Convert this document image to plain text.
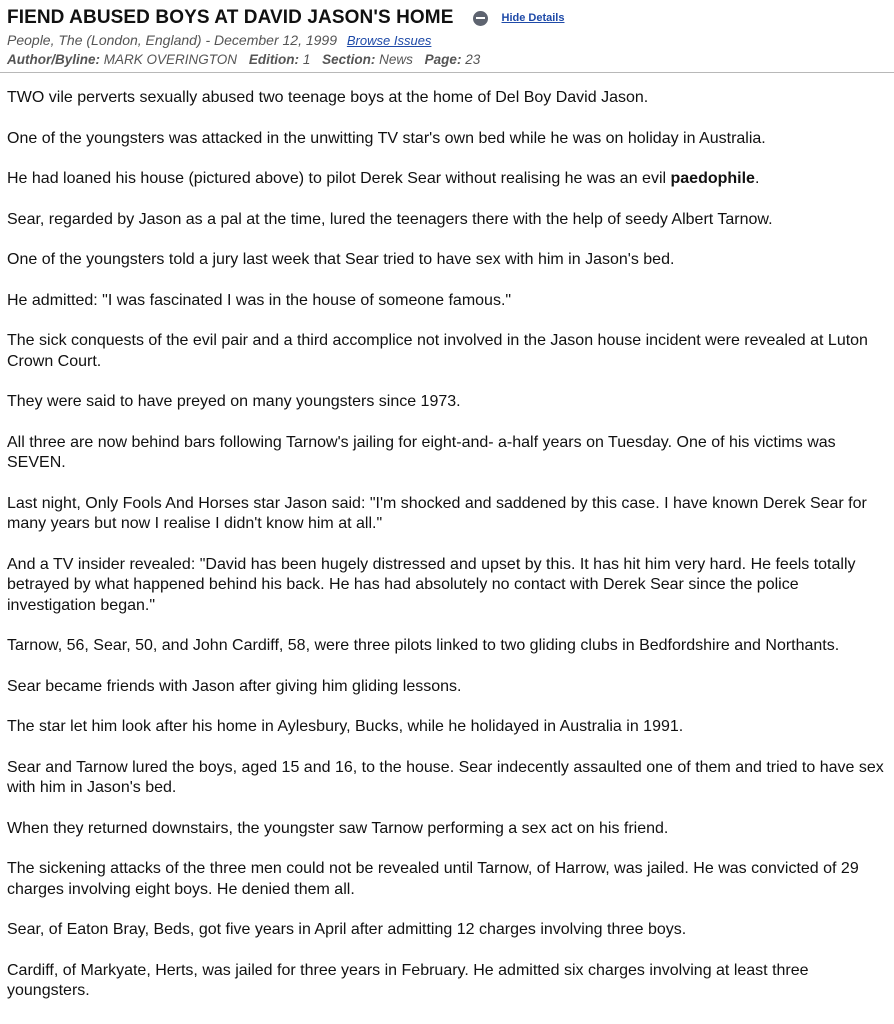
FIEND ABUSED BOYS AT DAVID JASON'S HOME	Hide Details
People, The (London, England) - December 12, 1999 Browse Issues
Author/Byline: MARK OVERINGTON Edition: 1 Section: News Page: 23

TWO vile perverts sexually abused two teenage boys at the home of Del Boy David Jason.

One of the youngsters was attacked in the unwitting TV star's own bed while he was on holiday in Australia.

He had loaned his house (pictured above) to pilot Derek Sear without realising he was an evil paedophile.

Sear, regarded by Jason as a pal at the time, lured the teenagers there with the help of seedy Albert Tarnow.

One of the youngsters told a jury last week that Sear tried to have sex with him in Jason's bed.

He admitted: "I was fascinated I was in the house of someone famous."

The sick conquests of the evil pair and a third accomplice not involved in the Jason house incident were revealed at Luton Crown Court.

They were said to have preyed on many youngsters since 1973.

All three are now behind bars following Tarnow's jailing for eight-and- a-half years on Tuesday. One of his victims was SEVEN.

Last night, Only Fools And Horses star Jason said: "I'm shocked and saddened by this case. I have known Derek Sear for many years but now I realise I didn't know him at all."

And a TV insider revealed: "David has been hugely distressed and upset by this. It has hit him very hard. He feels totally betrayed by what happened behind his back. He has had absolutely no contact with Derek Sear since the police investigation began."

Tarnow, 56, Sear, 50, and John Cardiff, 58, were three pilots linked to two gliding clubs in Bedfordshire and Northants.

Sear became friends with Jason after giving him gliding lessons.

The star let him look after his home in Aylesbury, Bucks, while he holidayed in Australia in 1991.

Sear and Tarnow lured the boys, aged 15 and 16, to the house. Sear indecently assaulted one of them and tried to have sex with him in Jason's bed.

When they returned downstairs, the youngster saw Tarnow performing a sex act on his friend.

The sickening attacks of the three men could not be revealed until Tarnow, of Harrow, was jailed. He was convicted of 29 charges involving eight boys. He denied them all.

Sear, of Eaton Bray, Beds, got five years in April after admitting 12 charges involving three boys.

Cardiff, of Markyate, Herts, was jailed for three years in February. He admitted six charges involving at least three youngsters.
